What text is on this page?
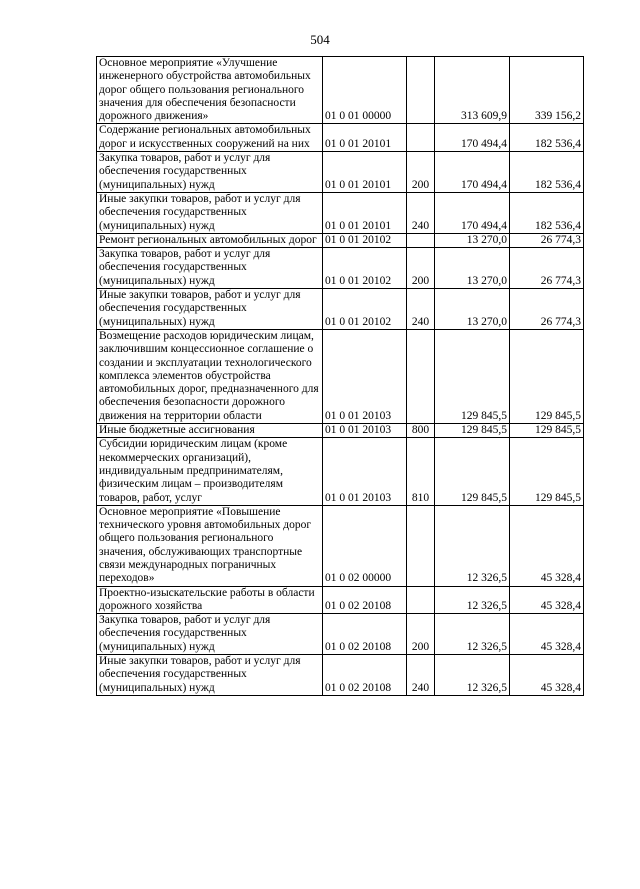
504
Основное мероприятие «Улучшение инженерного обустройства автомобильных дорог общего пользования регионального значения для обеспечения безопасности дорожного движения»	01 0 01 00000		313 609,9	339 156,2
Содержание региональных автомобильных дорог и искусственных сооружений на них	01 0 01 20101		170 494,4	182 536,4
Закупка товаров, работ и услуг для обеспечения государственных (муниципальных) нужд	01 0 01 20101	200	170 494,4	182 536,4
Иные закупки товаров, работ и услуг для обеспечения государственных (муниципальных) нужд	01 0 01 20101	240	170 494,4	182 536,4
Ремонт региональных автомобильных дорог	01 0 01 20102		13 270,0	26 774,3
Закупка товаров, работ и услуг для обеспечения государственных (муниципальных) нужд	01 0 01 20102	200	13 270,0	26 774,3
Иные закупки товаров, работ и услуг для обеспечения государственных (муниципальных) нужд	01 0 01 20102	240	13 270,0	26 774,3
Возмещение расходов юридическим лицам, заключившим концессионное соглашение о создании и эксплуатации технологического комплекса элементов обустройства автомобильных дорог, предназначенного для обеспечения безопасности дорожного движения на территории области	01 0 01 20103		129 845,5	129 845,5
Иные бюджетные ассигнования	01 0 01 20103	800	129 845,5	129 845,5
Субсидии юридическим лицам (кроме некоммерческих организаций), индивидуальным предпринимателям, физическим лицам – производителям товаров, работ, услуг	01 0 01 20103	810	129 845,5	129 845,5
Основное мероприятие «Повышение технического уровня автомобильных дорог общего пользования регионального значения, обслуживающих транспортные связи международных пограничных переходов»	01 0 02 00000		12 326,5	45 328,4
Проектно-изыскательские работы в области дорожного хозяйства	01 0 02 20108		12 326,5	45 328,4
Закупка товаров, работ и услуг для обеспечения государственных (муниципальных) нужд	01 0 02 20108	200	12 326,5	45 328,4
Иные закупки товаров, работ и услуг для обеспечения государственных (муниципальных) нужд	01 0 02 20108	240	12 326,5	45 328,4
